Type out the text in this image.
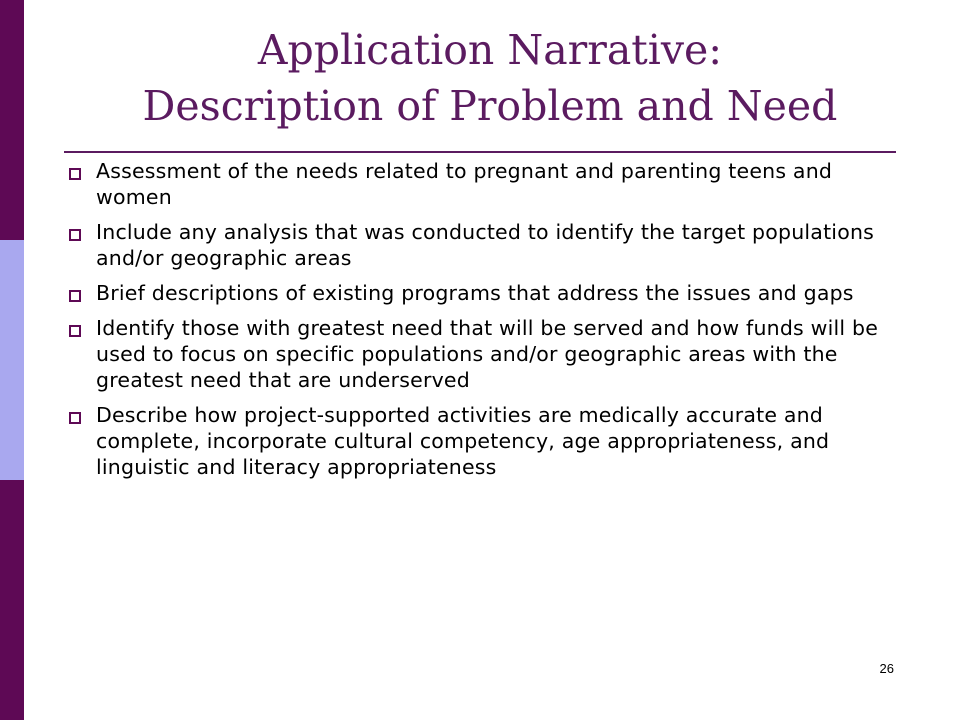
Application Narrative:
Description of Problem and Need
Assessment of the needs related to pregnant and parenting teens and women
Include any analysis that was conducted to identify the target populations and/or geographic areas
Brief descriptions of existing programs that address the issues and gaps
Identify those with greatest need that will be served and how funds will be used to focus on specific populations and/or geographic areas with the greatest need that are underserved
Describe how project-supported activities are medically accurate and complete, incorporate cultural competency, age appropriateness, and linguistic and literacy appropriateness
26
